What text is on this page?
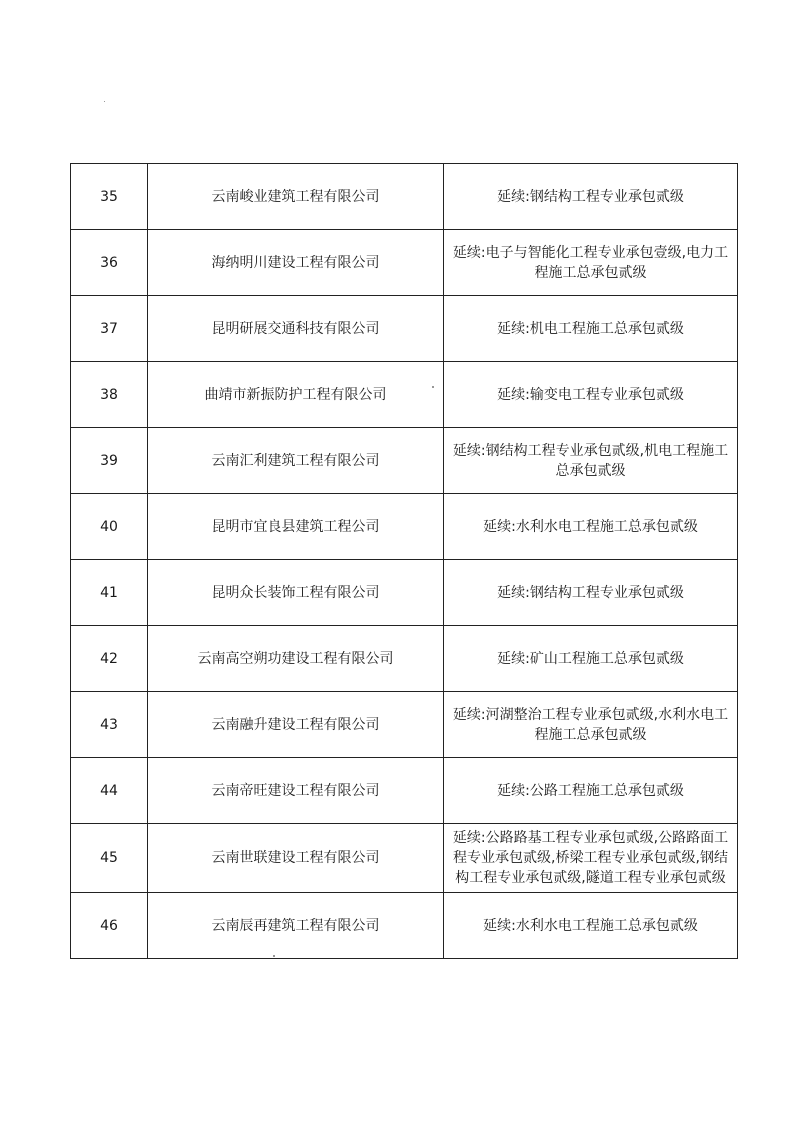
35	云南峻业建筑工程有限公司	延续:钢结构工程专业承包贰级
36	海纳明川建设工程有限公司	延续:电子与智能化工程专业承包壹级,电力工程施工总承包贰级
37	昆明研展交通科技有限公司	延续:机电工程施工总承包贰级
38	曲靖市新振防护工程有限公司	延续:输变电工程专业承包贰级
39	云南汇利建筑工程有限公司	延续:钢结构工程专业承包贰级,机电工程施工总承包贰级
40	昆明市宜良县建筑工程公司	延续:水利水电工程施工总承包贰级
41	昆明众长装饰工程有限公司	延续:钢结构工程专业承包贰级
42	云南高空朔功建设工程有限公司	延续:矿山工程施工总承包贰级
43	云南融升建设工程有限公司	延续:河湖整治工程专业承包贰级,水利水电工程施工总承包贰级
44	云南帝旺建设工程有限公司	延续:公路工程施工总承包贰级
45	云南世联建设工程有限公司	延续:公路路基工程专业承包贰级,公路路面工程专业承包贰级,桥梁工程专业承包贰级,钢结构工程专业承包贰级,隧道工程专业承包贰级
46	云南辰再建筑工程有限公司	延续:水利水电工程施工总承包贰级
